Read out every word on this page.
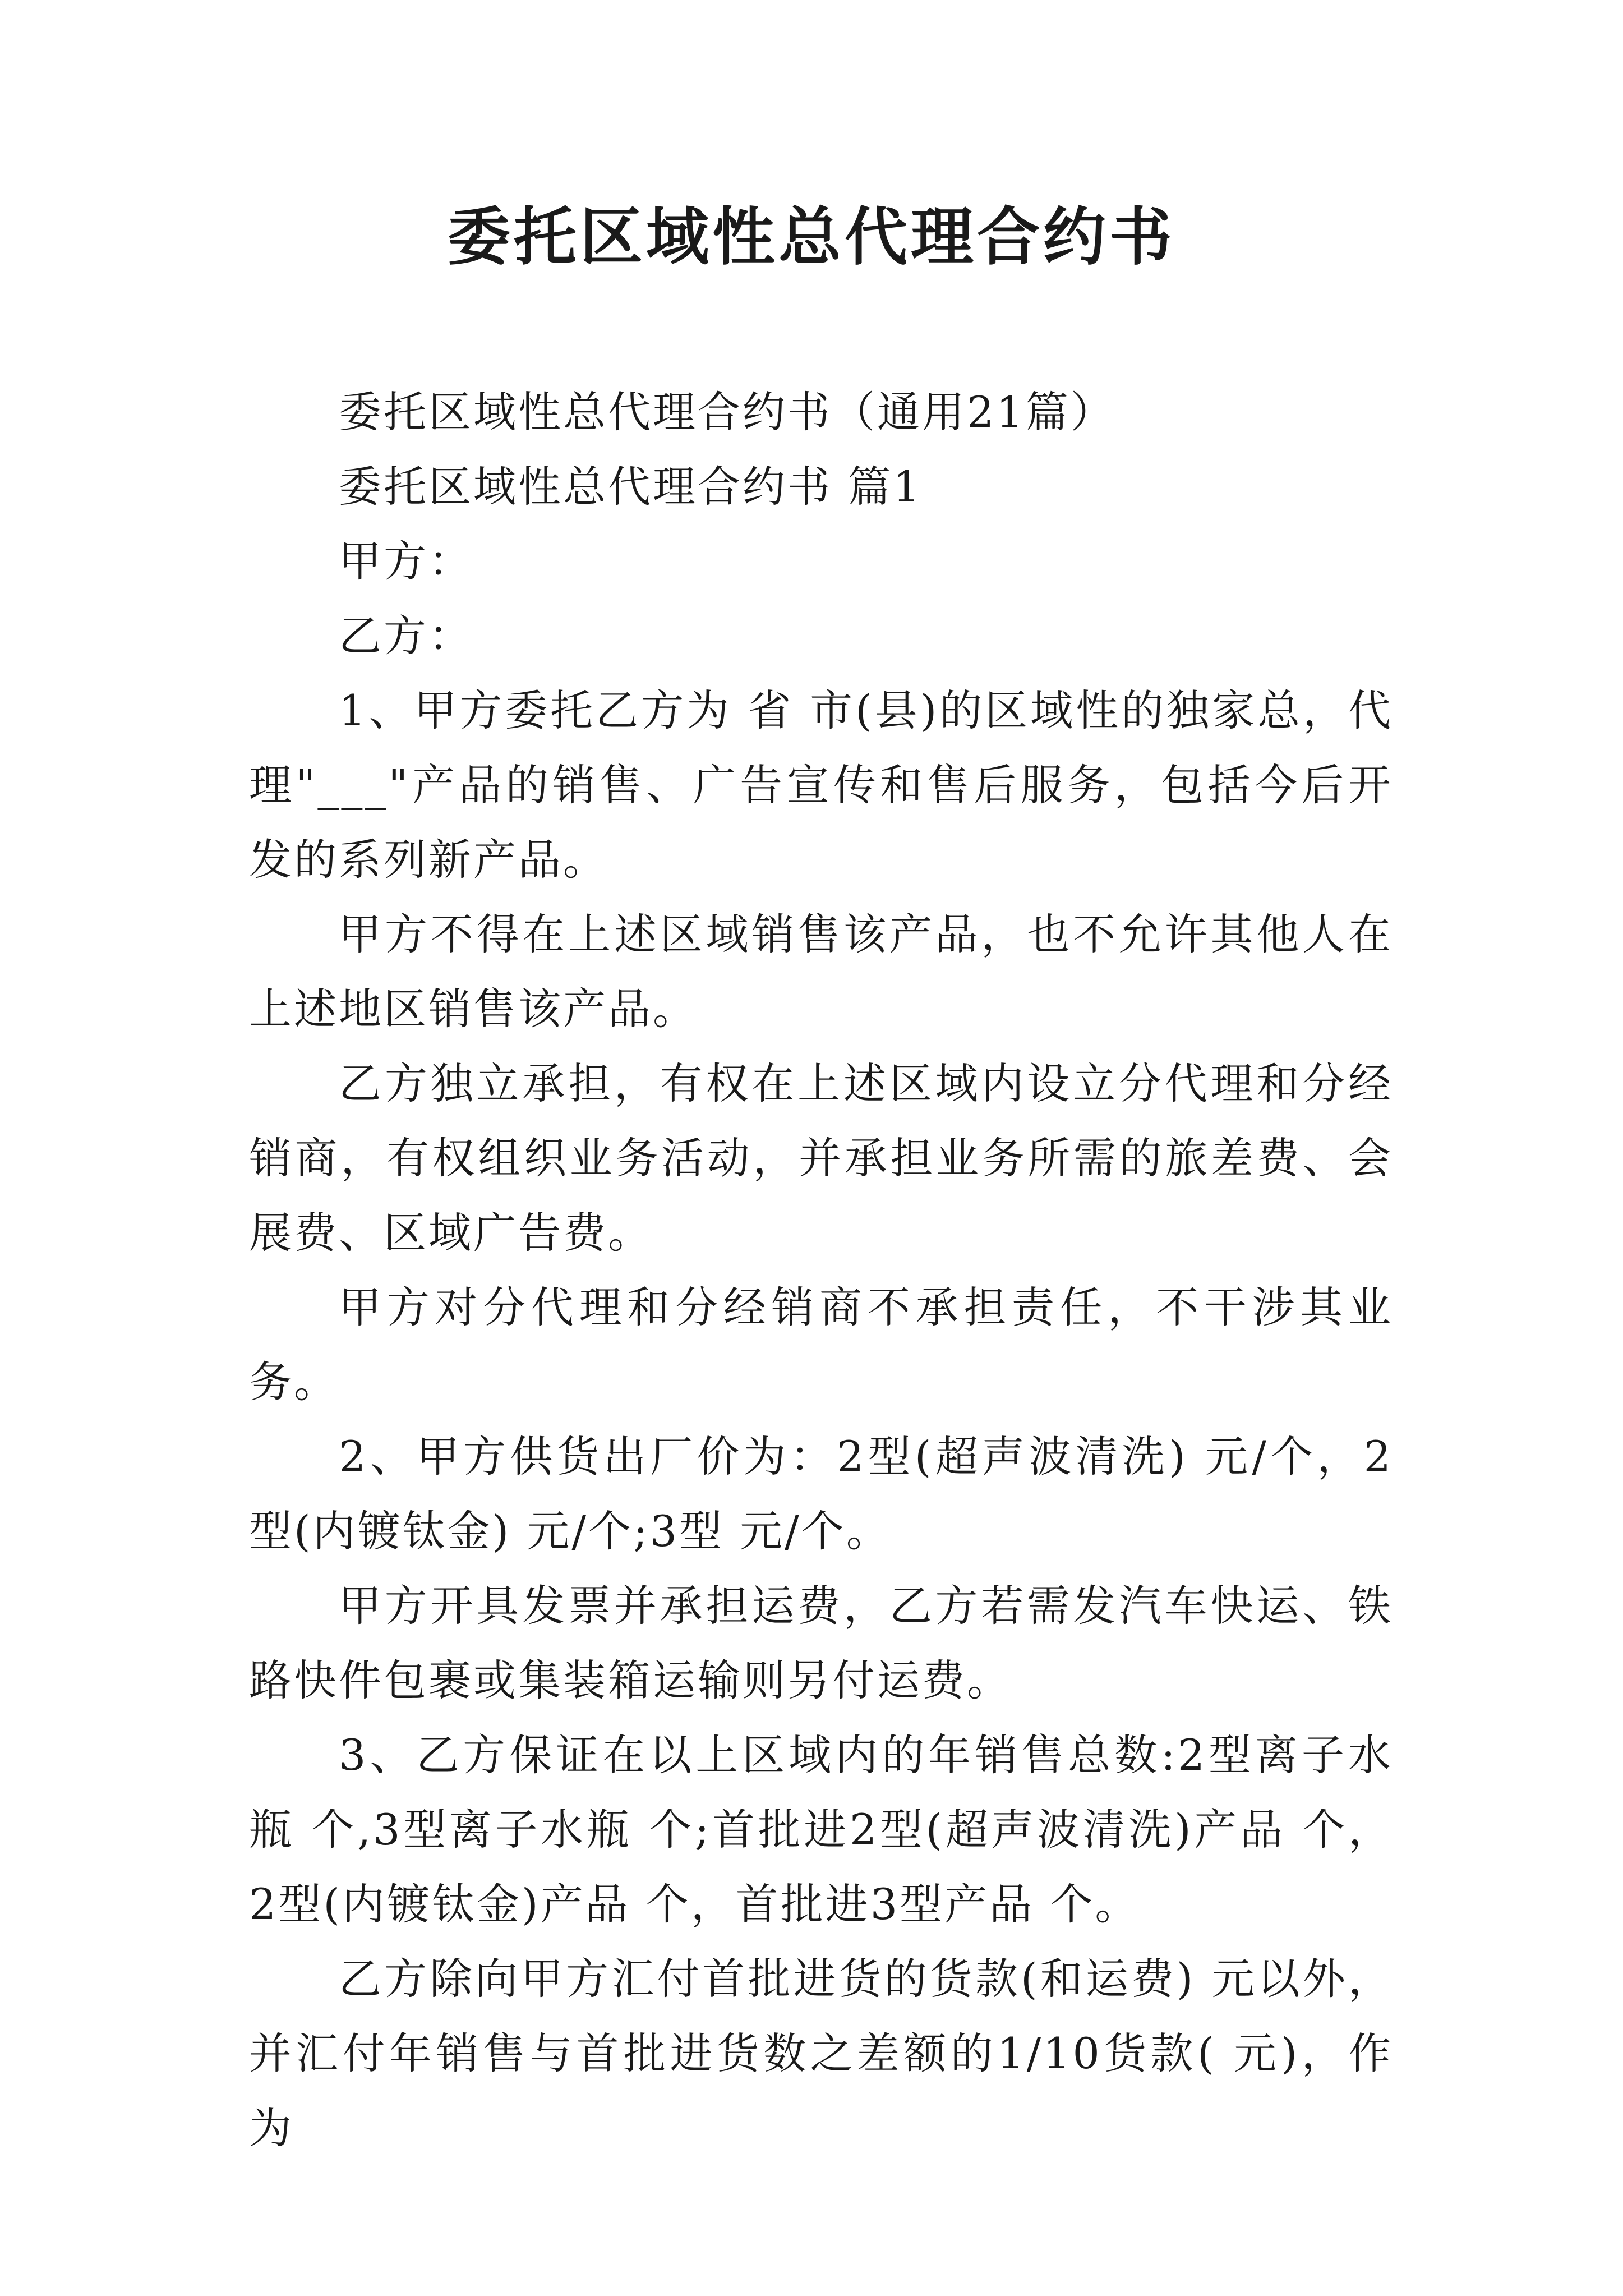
委托区域性总代理合约书

委托区域性总代理合约书（通用21篇）

委托区域性总代理合约书 篇1

甲方：

乙方：

1、甲方委托乙方为 省 市(县)的区域性的独家总，代理"___"产品的销售、广告宣传和售后服务，包括今后开发的系列新产品。

甲方不得在上述区域销售该产品，也不允许其他人在上述地区销售该产品。

乙方独立承担，有权在上述区域内设立分代理和分经销商，有权组织业务活动，并承担业务所需的旅差费、会展费、区域广告费。

甲方对分代理和分经销商不承担责任，不干涉其业务。

2、甲方供货出厂价为：2型(超声波清洗) 元/个，2型(内镀钛金) 元/个;3型 元/个。

甲方开具发票并承担运费，乙方若需发汽车快运、铁路快件包裹或集装箱运输则另付运费。

3、乙方保证在以上区域内的年销售总数:2型离子水瓶 个,3型离子水瓶 个;首批进2型(超声波清洗)产品 个，2型(内镀钛金)产品 个，首批进3型产品 个。

乙方除向甲方汇付首批进货的货款(和运费) 元以外，并汇付年销售与首批进货数之差额的1/10货款( 元)，作为
